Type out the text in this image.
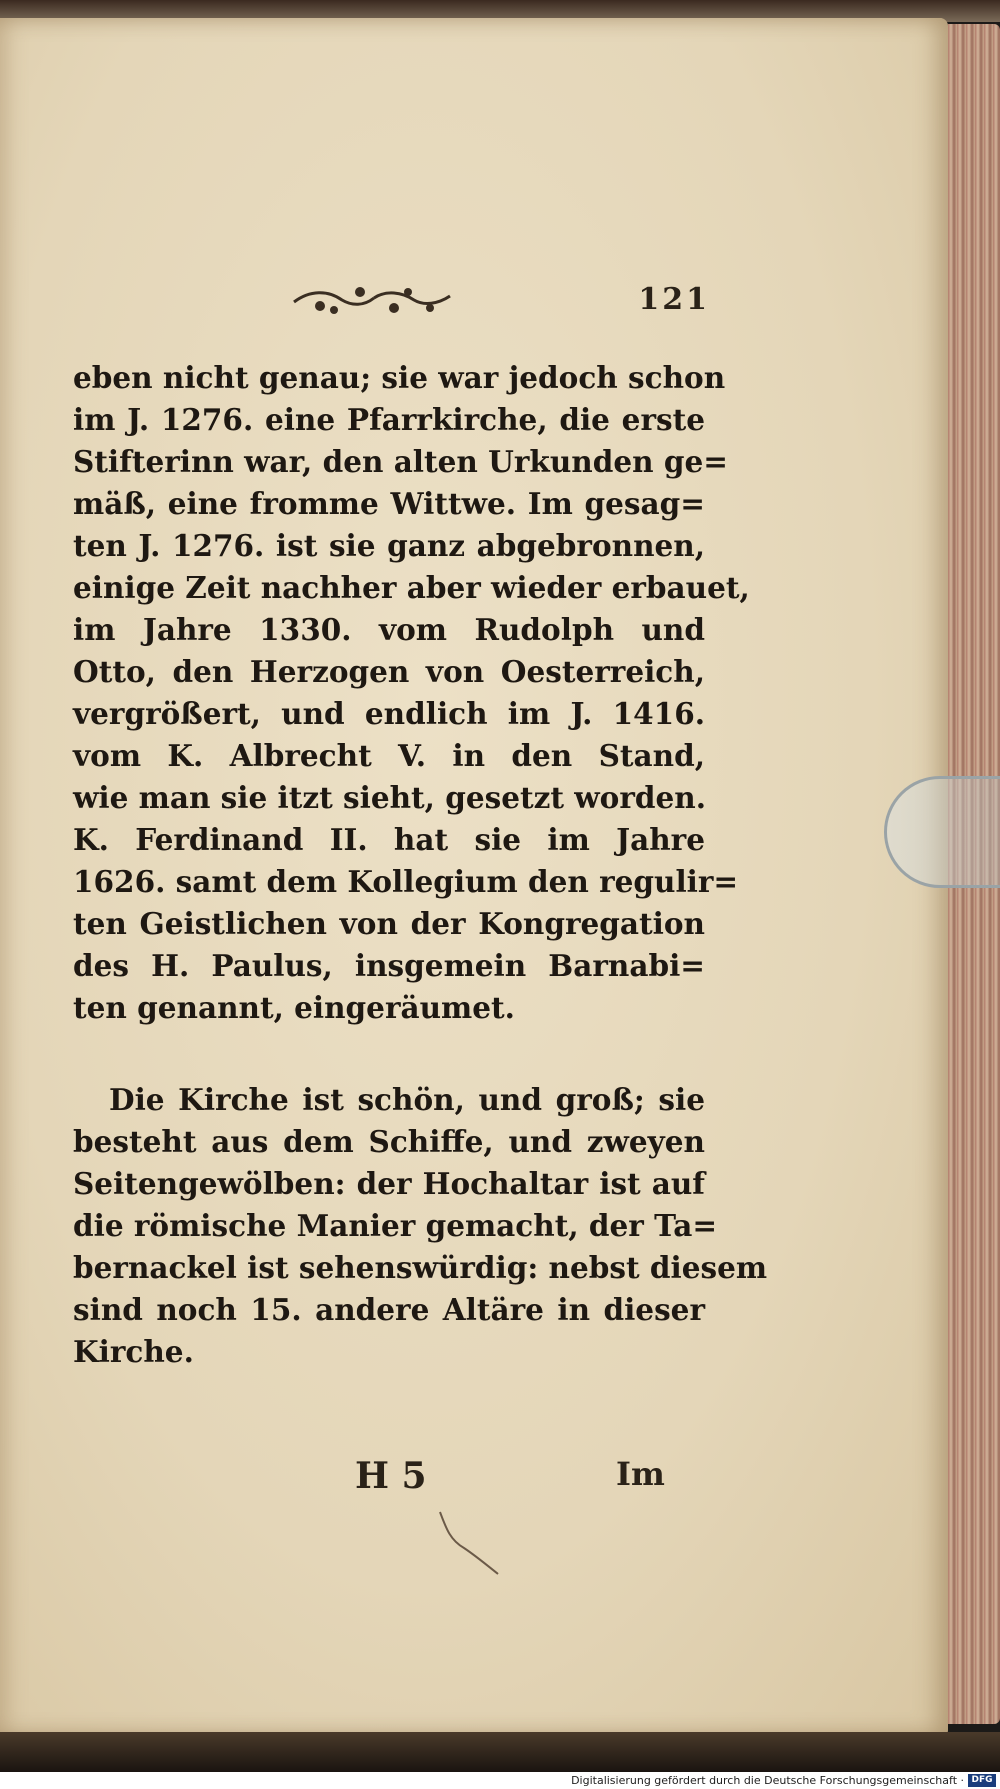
121
eben nicht genau; sie war jedoch schon
im J. 1276. eine Pfarrkirche, die erste
Stifterinn war, den alten Urkunden ge=
mäß, eine fromme Wittwe. Im gesag=
ten J. 1276. ist sie ganz abgebronnen,
einige Zeit nachher aber wieder erbauet,
im Jahre 1330. vom Rudolph und
Otto, den Herzogen von Oesterreich,
vergrößert, und endlich im J. 1416.
vom K. Albrecht V. in den Stand,
wie man sie itzt sieht, gesetzt worden.
K. Ferdinand II. hat sie im Jahre
1626. samt dem Kollegium den regulir=
ten Geistlichen von der Kongregation
des H. Paulus, insgemein Barnabi=
ten genannt, eingeräumet.
Die Kirche ist schön, und groß; sie
besteht aus dem Schiffe, und zweyen
Seitengewölben: der Hochaltar ist auf
die römische Manier gemacht, der Ta=
bernackel ist sehenswürdig: nebst diesem
sind noch 15. andere Altäre in dieser
Kirche.
H 5	Im
Digitalisierung gefördert durch die Deutsche Forschungsgemeinschaft · DFG
